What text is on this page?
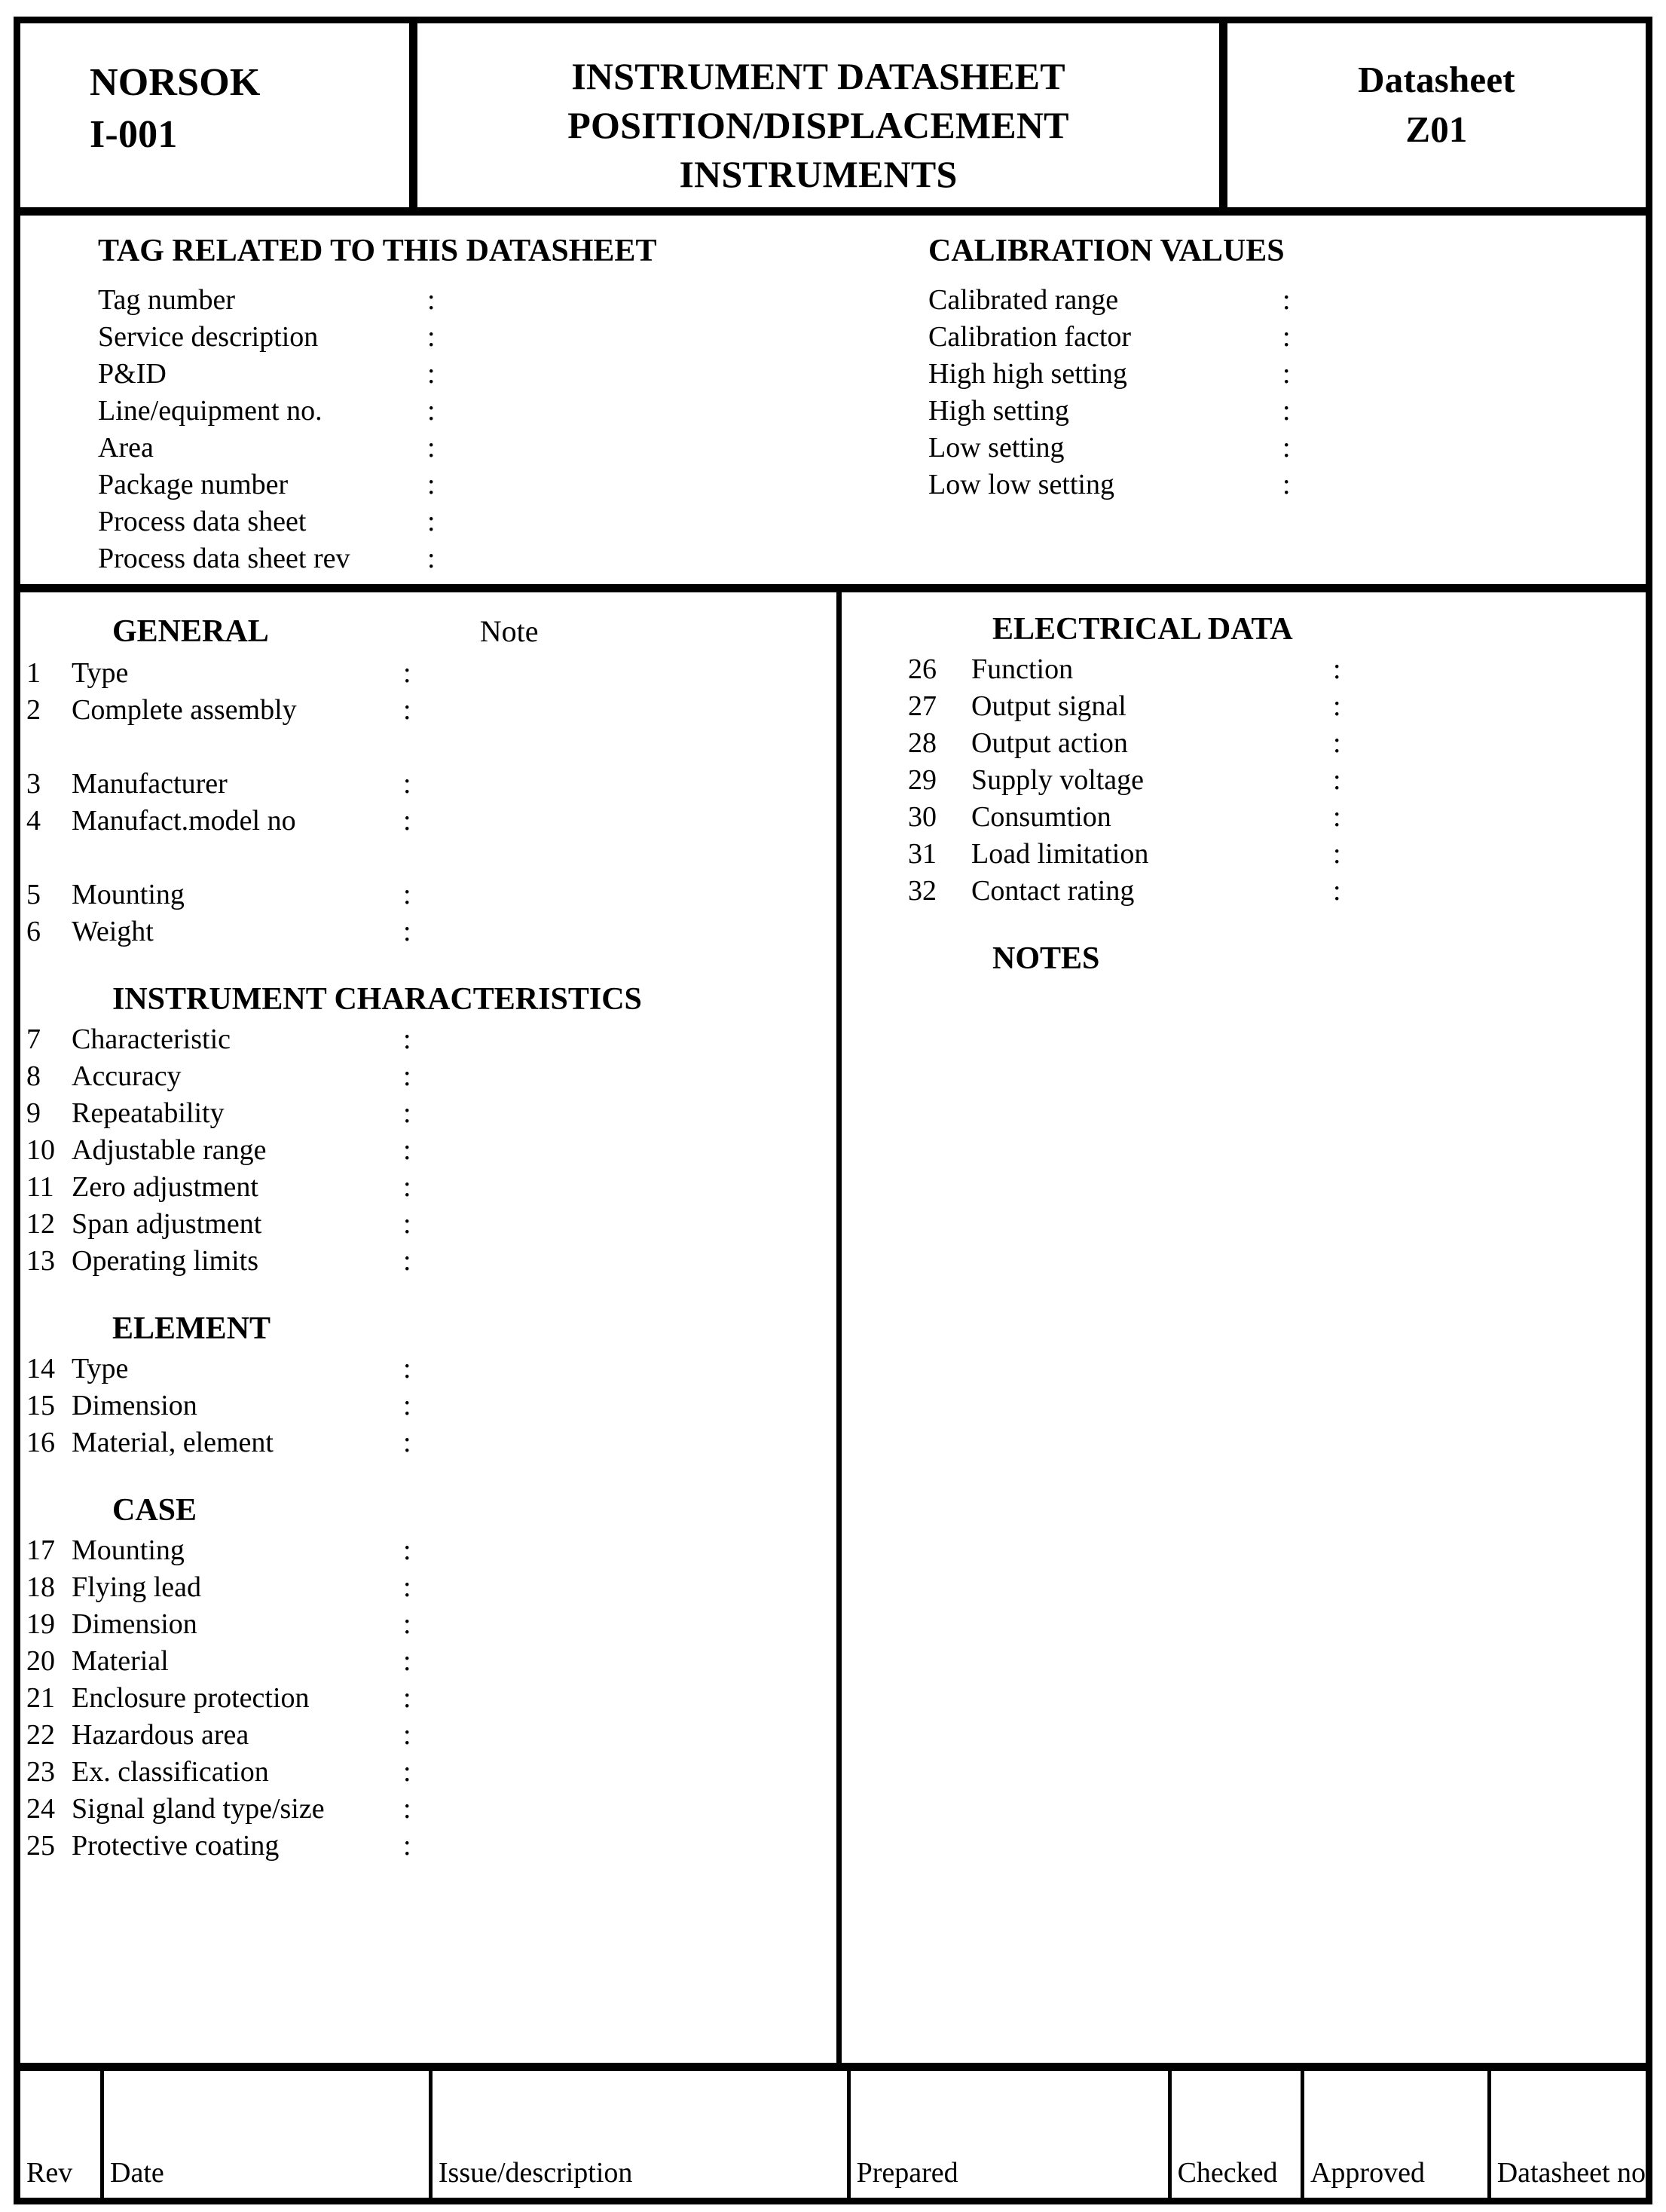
NORSOK
I-001
INSTRUMENT DATASHEET
POSITION/DISPLACEMENT
INSTRUMENTS
Datasheet
Z01
TAG RELATED TO THIS DATASHEET
Tag number	:
Service description	:
P&ID	:
Line/equipment no.	:
Area	:
Package number	:
Process data sheet	:
Process data sheet rev	:
CALIBRATION VALUES
Calibrated range	:
Calibration factor	:
High high setting	:
High setting	:
Low setting	:
Low low setting	:
GENERAL	Note
1	Type	:
2	Complete assembly	:
3	Manufacturer	:
4	Manufact.model no	:
5	Mounting	:
6	Weight	:
INSTRUMENT CHARACTERISTICS
7	Characteristic	:
8	Accuracy	:
9	Repeatability	:
10 Adjustable range	:
11 Zero adjustment	:
12 Span adjustment	:
13 Operating limits	:
ELEMENT
14 Type	:
15 Dimension	:
16 Material, element	:
CASE
17 Mounting	:
18 Flying lead	:
19 Dimension	:
20 Material	:
21 Enclosure protection	:
22 Hazardous area	:
23 Ex. classification	:
24 Signal gland type/size	:
25 Protective coating	:
ELECTRICAL DATA
26	Function	:
27	Output signal	:
28	Output action	:
29	Supply voltage	:
30	Consumtion	:
31	Load limitation	:
32	Contact rating	:
NOTES
Rev Date	Issue/description	Prepared	Checked Approved	Datasheet no
